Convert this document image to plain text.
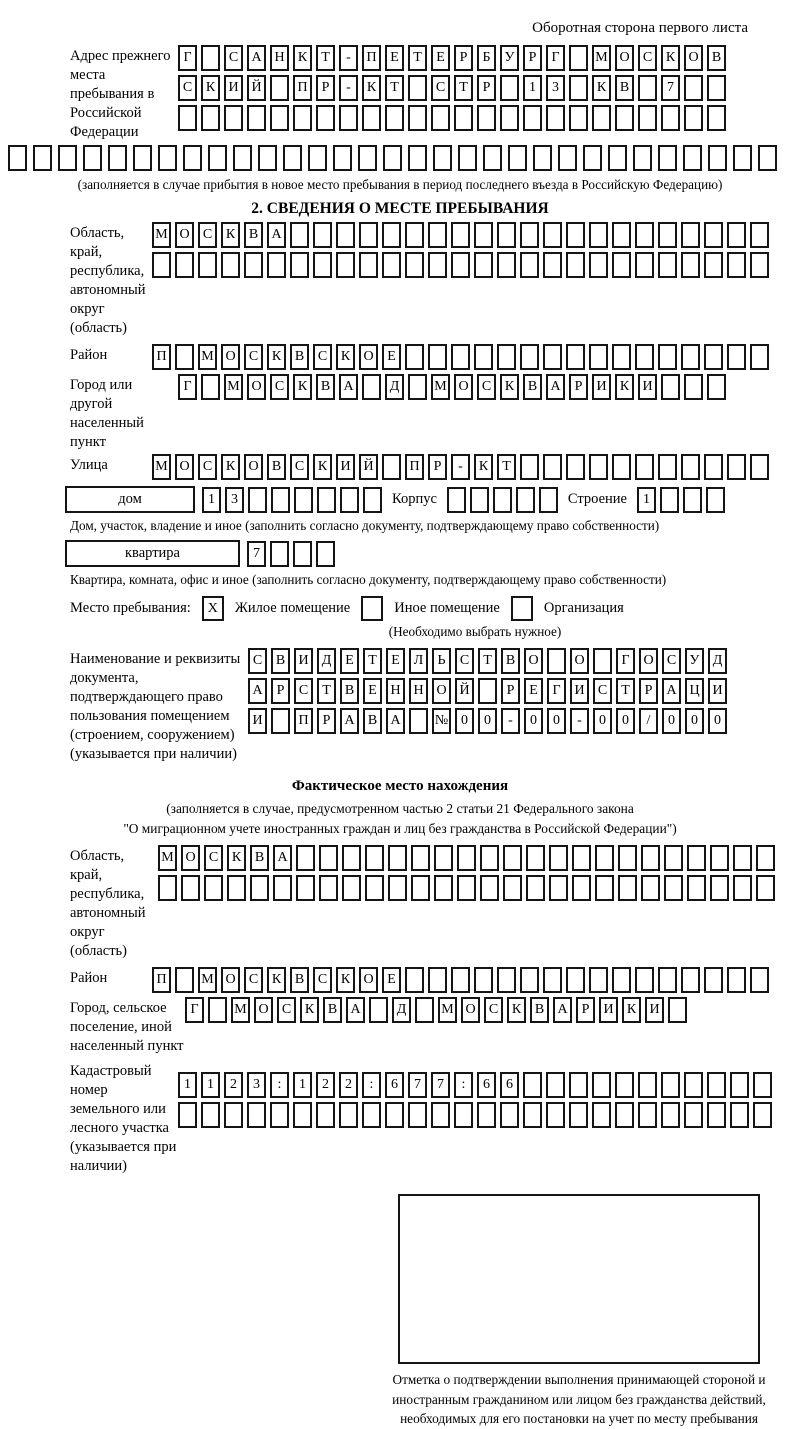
Оборотная сторона первого листа
Адрес прежнего места пребывания в Российской Федерации
Г	С А Н К	Т	-	П Е	Т	Е	Р	Б	У	Р	Г	М О С К О В
С К И Й	П	Р	-	К	Т	С	Т	Р	1	3	К В	7
(заполняется в случае прибытия в новое место пребывания в период последнего въезда в Российскую Федерацию)
2. СВЕДЕНИЯ О МЕСТЕ ПРЕБЫВАНИЯ
Область, край, республика, автономный округ (область)
М О С К В А
Район	П	М О С К В С К О Е
Город или другой населенный пункт
Г	М О С К В А	Д	М О С К В А	Р	И К И
Улица	М О С К О В С К И Й	П	Р	-	К	Т
дом	1	3	Корпус	Строение	1
Дом, участок, владение и иное (заполнить согласно документу, подтверждающему право собственности)
квартира	7
Квартира, комната, офис и иное (заполнить согласно документу, подтверждающему право собственности)
Место пребывания:	X	Жилое помещение	Иное помещение	Организация
(Необходимо выбрать нужное)
Наименование и реквизиты документа, подтверждающего право пользования помещением (строением, сооружением) (указывается при наличии)
С В И Д Е	Т	Е Л	Ь	С	Т	В О	О	Г О С У Д
А	Р	С	Т	В	Е Н Н О Й	Р	Е	Г И С	Т	Р	А Ц И
И	П	Р	А В А	№ 0	0	-	0	0	-	0	0	/	0	0	0
Фактическое место нахождения
(заполняется в случае, предусмотренном частью 2 статьи 21 Федерального закона
"О миграционном учете иностранных граждан и лиц без гражданства в Российской Федерации")
Область, край, республика, автономный округ (область)
М О С К В А
Район	П	М О С К В С К О Е
Город, сельское поселение, иной населенный пункт
Г	М О С К В А	Д	М О С К В А	Р	И К И
Кадастровый номер земельного или лесного участка (указывается при наличии)
1	1	2	3	:	1	2	2	:	6	7	7	:	6	6
Отметка о подтверждении выполнения принимающей стороной и иностранным гражданином или лицом без гражданства действий, необходимых для его постановки на учет по месту пребывания
